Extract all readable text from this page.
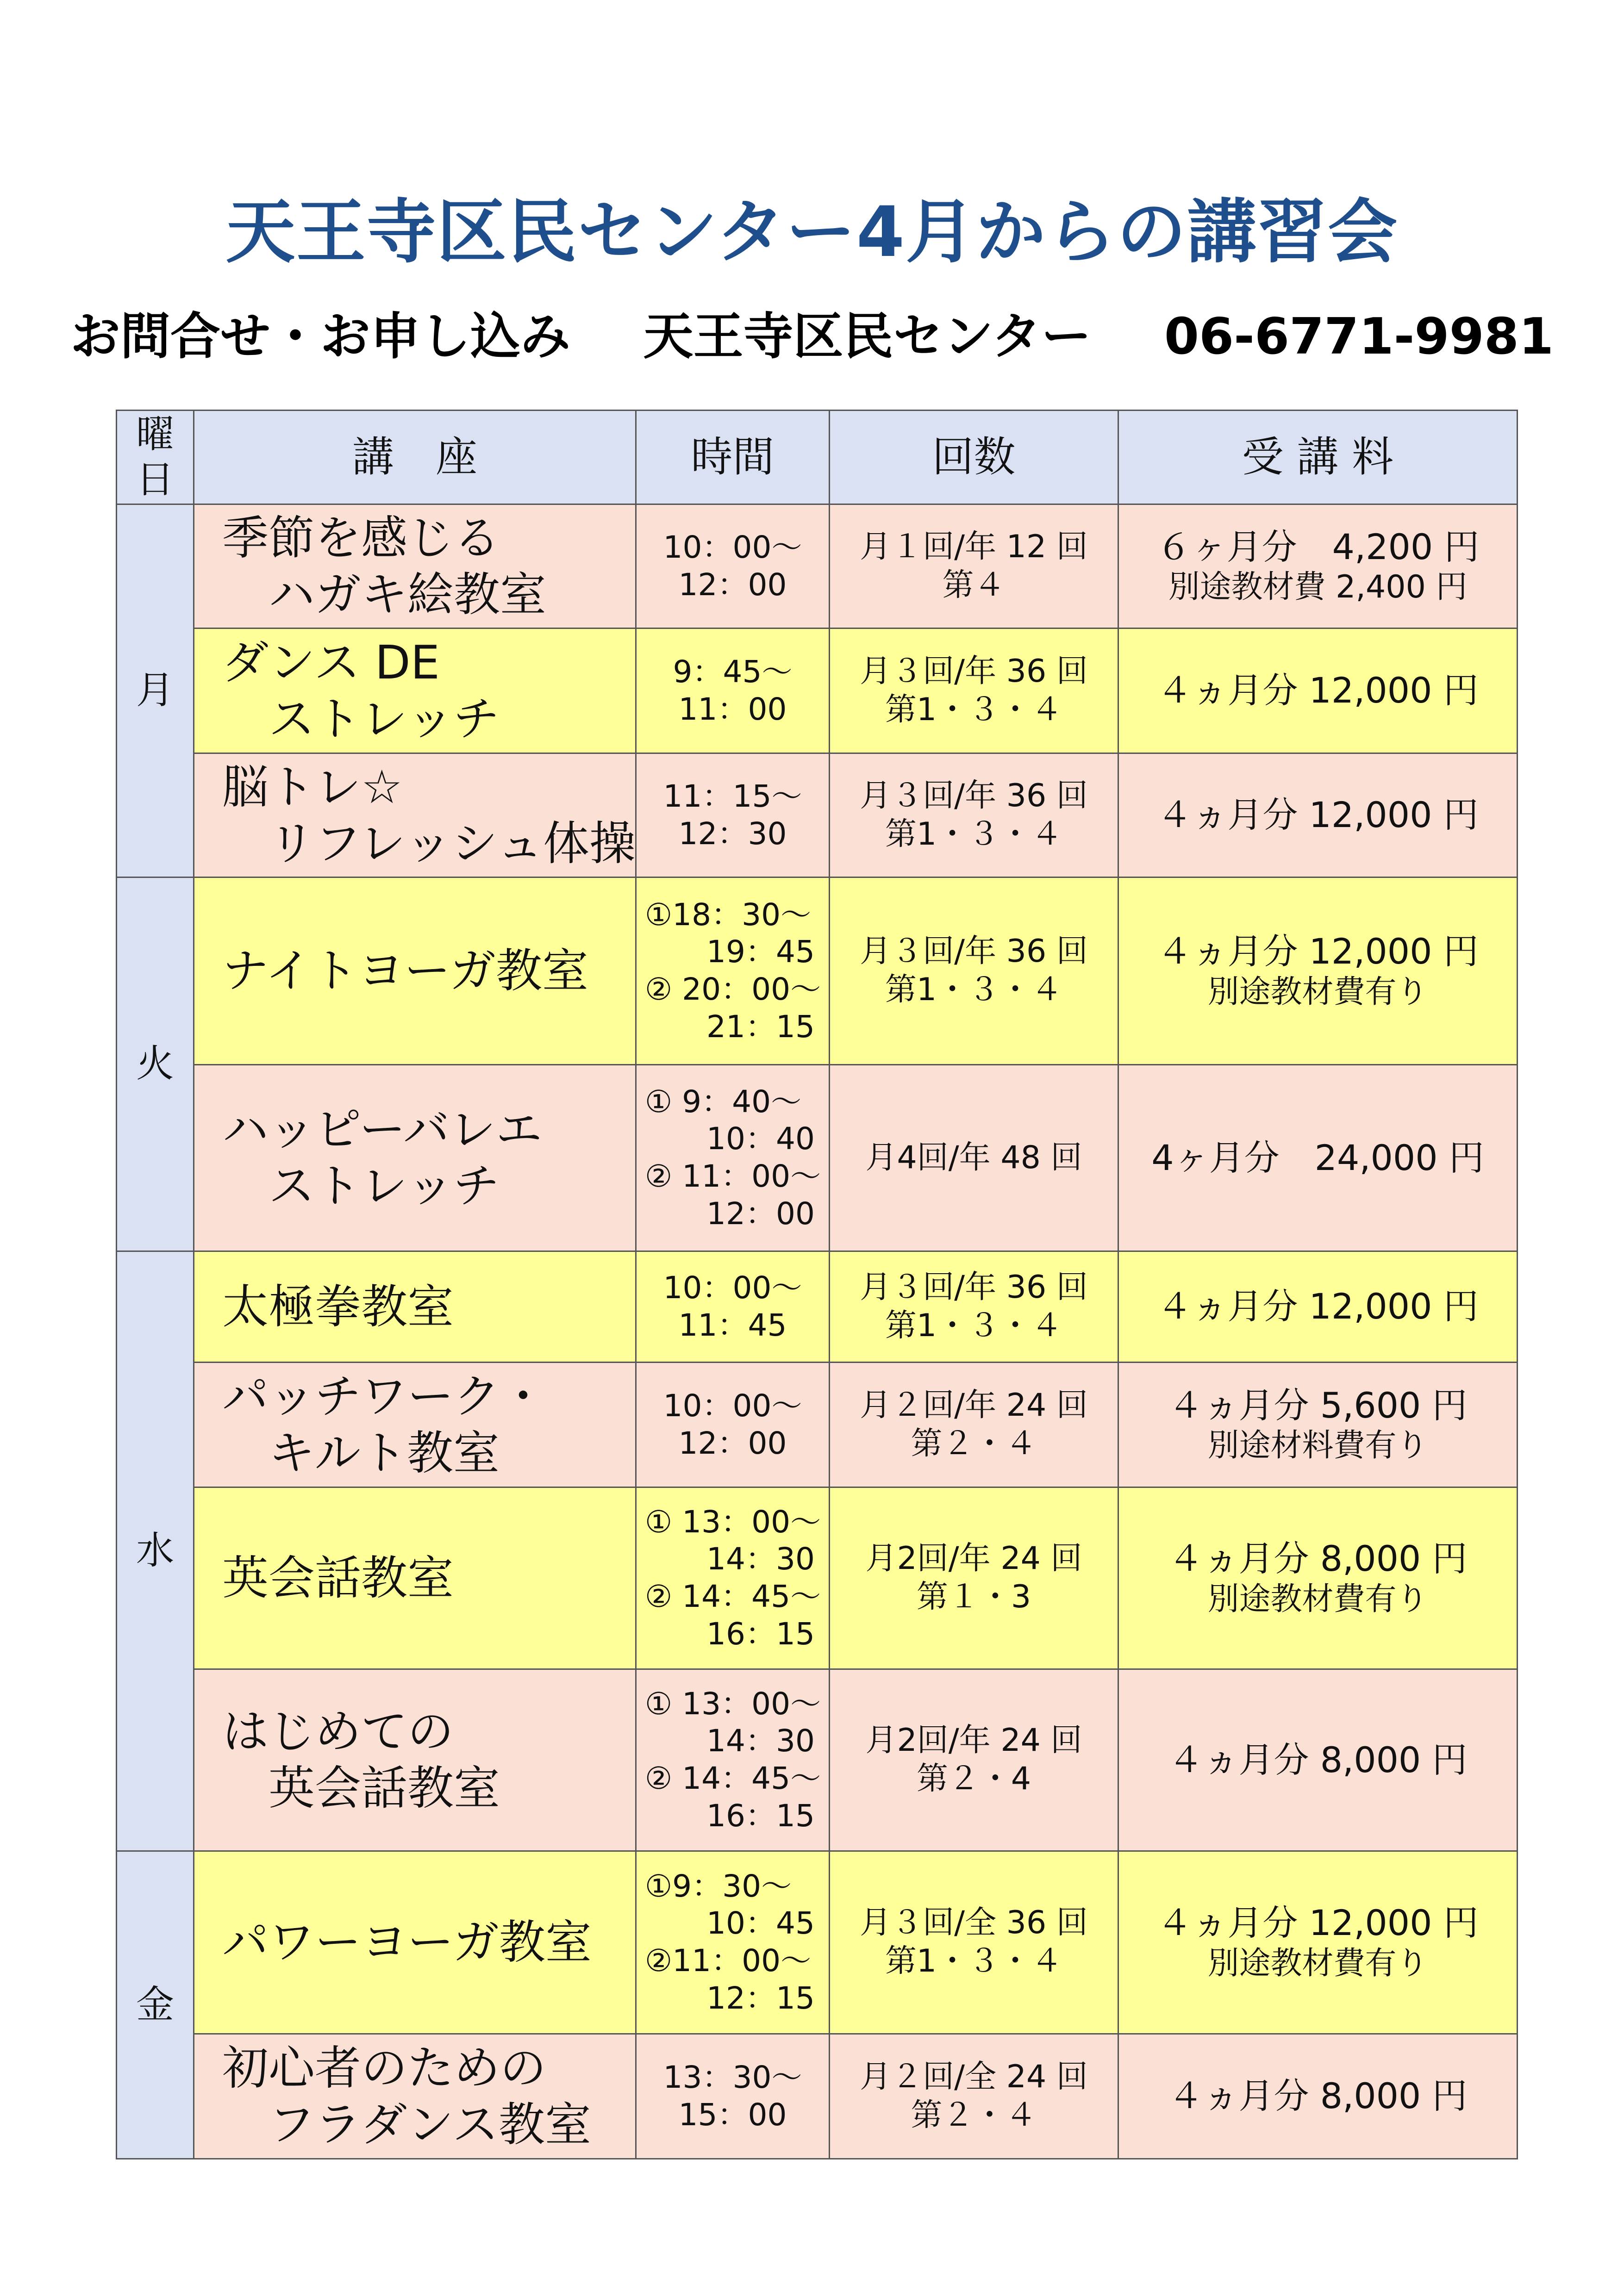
天王寺区民センター4月からの講習会
お問合せ・お申し込み 天王寺区民センター 06-6771-9981
曜
日	講　座	時間	回数	受 講 料
月	季節を感じる
ハガキ絵教室	10：00～
12：00	月１回/年 12 回
第４	６ヶ月分　4,200 円
別途教材費 2,400 円

	ダンス DE
ストレッチ	9：45～
11：00	月３回/年 36 回
第1・３・４	４ヵ月分 12,000 円

	脳トレ☆
リフレッシュ体操	11：15～
12：30	月３回/年 36 回
第1・３・４	４ヵ月分 12,000 円

火	ナイトヨーガ教室	①18：30～
19：45
② 20：00～
21：15	月３回/年 36 回
第1・３・４	４ヵ月分 12,000 円
別途教材費有り

	ハッピーバレエ
ストレッチ	① 9：40～
10：40
② 11：00～
12：00	月4回/年 48 回	4ヶ月分　24,000 円

水	太極拳教室	10：00～
11：45	月３回/年 36 回
第1・３・４	４ヵ月分 12,000 円

	パッチワーク・
キルト教室	10：00～
12：00	月２回/年 24 回
第２・４	４ヵ月分 5,600 円
別途材料費有り

	英会話教室	① 13：00～
14：30
② 14：45～
16：15	月2回/年 24 回
第１・3	４ヵ月分 8,000 円
別途教材費有り

	はじめての
英会話教室	① 13：00～
14：30
② 14：45～
16：15	月2回/年 24 回
第２・4	４ヵ月分 8,000 円

金	パワーヨーガ教室	①9：30～
10：45
②11：00～
12：15	月３回/全 36 回
第1・３・４	４ヵ月分 12,000 円
別途教材費有り

	初心者のための
フラダンス教室	13：30～
15：00	月２回/全 24 回
第２・４	４ヵ月分 8,000 円
